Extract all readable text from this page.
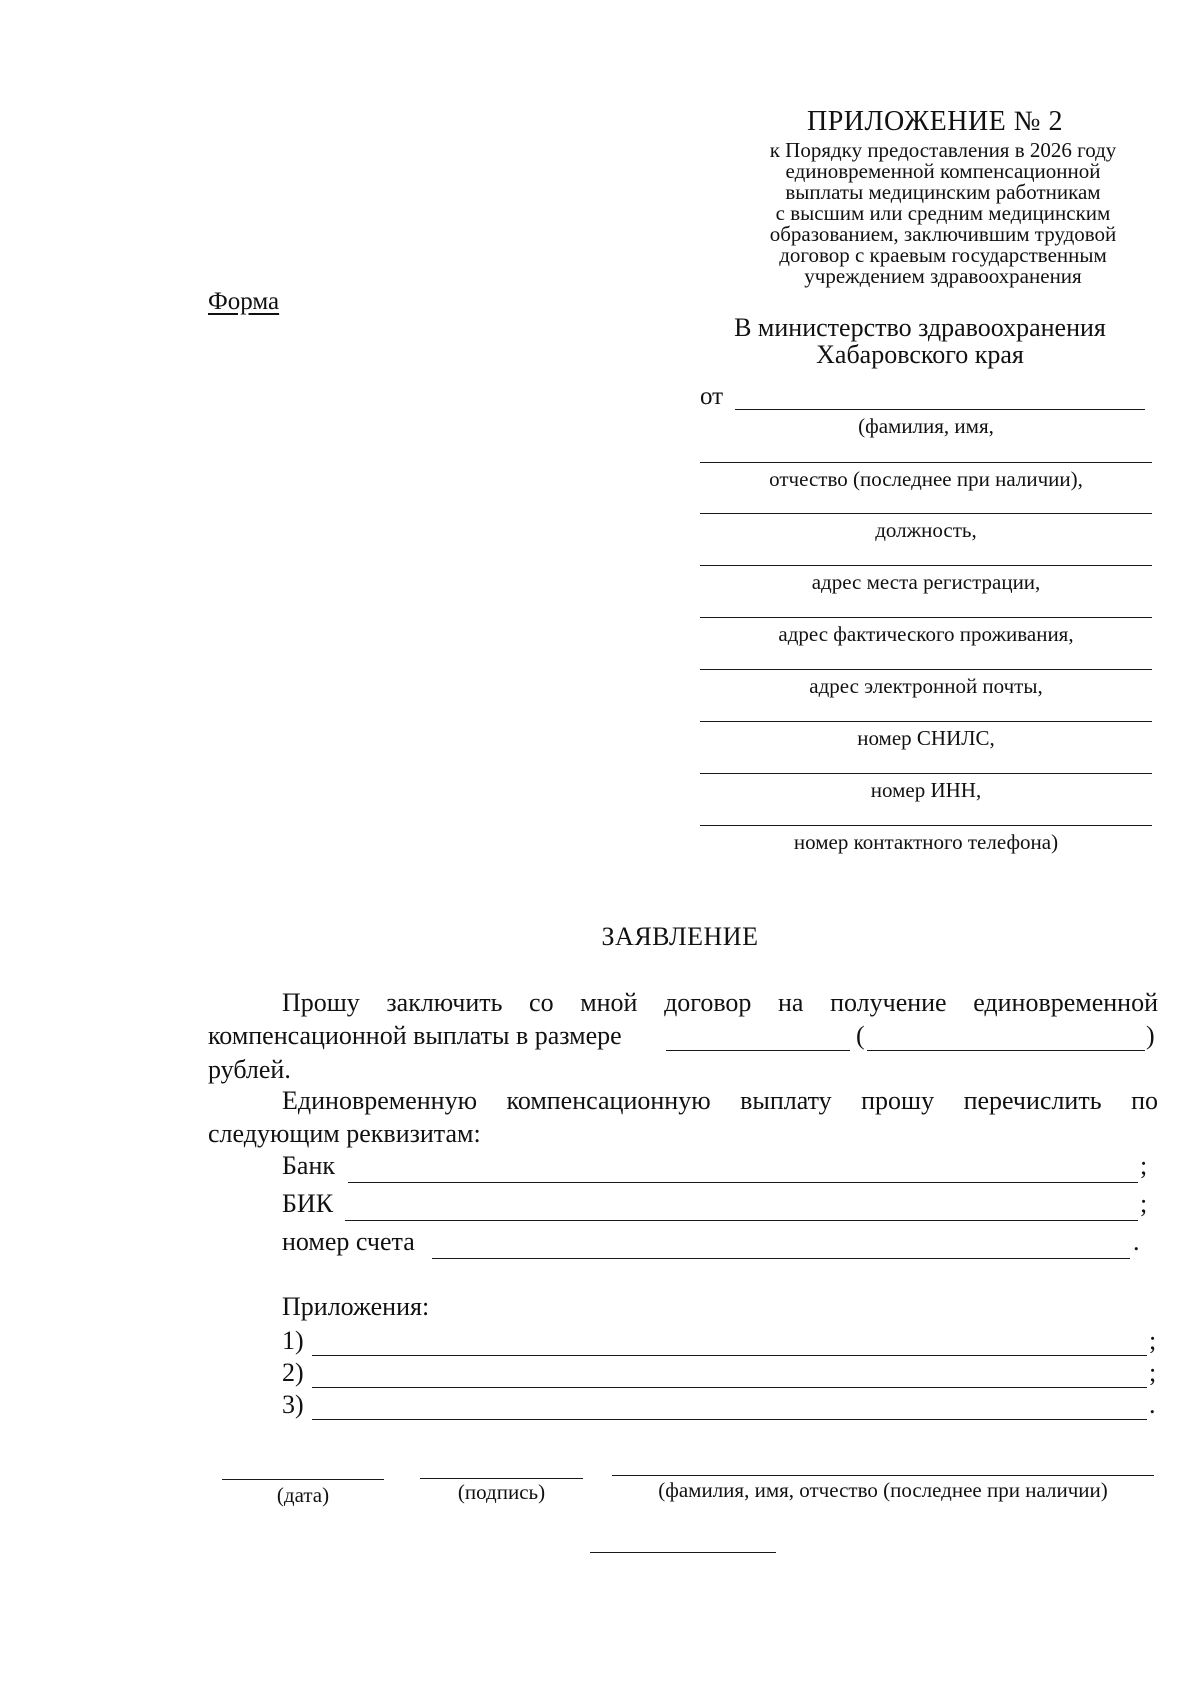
ПРИЛОЖЕНИЕ № 2
к Порядку предоставления в 2026 году
единовременной компенсационной
выплаты медицинским работникам
с высшим или средним медицинским
образованием, заключившим трудовой
договор с краевым государственным
учреждением здравоохранения
Форма
В министерство здравоохранения
Хабаровского края
от
(фамилия, имя,
отчество (последнее при наличии),
должность,
адрес места регистрации,
адрес фактического проживания,
адрес электронной почты,
номер СНИЛС,
номер ИНН,
номер контактного телефона)
ЗАЯВЛЕНИЕ
Прошу заключить со мной договор на получение единовременной
компенсационной выплаты в размере	(	)
рублей.
Единовременную компенсационную выплату прошу перечислить по
следующим реквизитам:
Банк	;
БИК	;
номер счета	.
Приложения:
1)	;
2)	;
3)	.
(дата)	(подпись)	(фамилия, имя, отчество (последнее при наличии)
